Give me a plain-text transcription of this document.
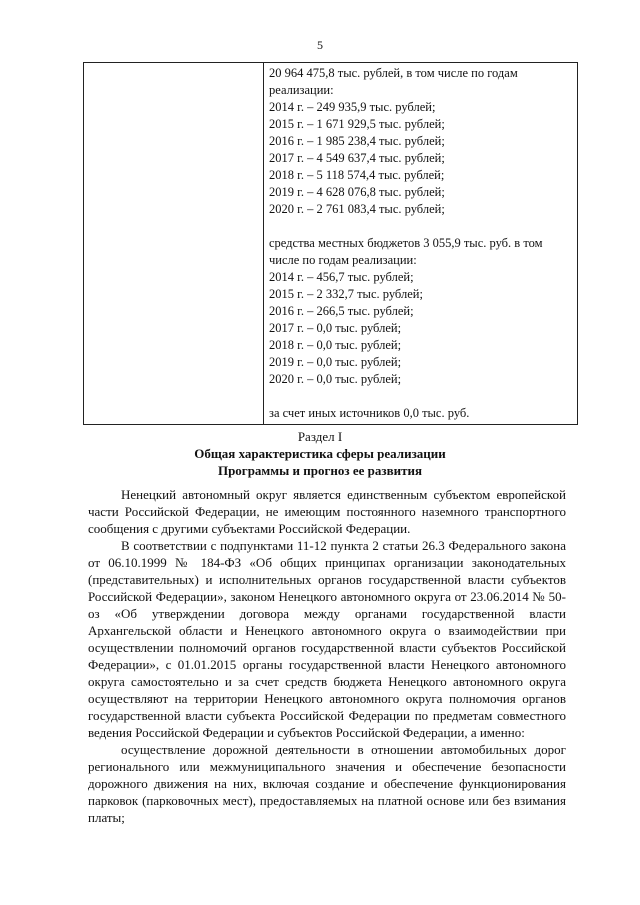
5

20 964 475,8 тыс. рублей, в том числе по годам
реализации:
2014 г. – 249 935,9 тыс. рублей;
2015 г. – 1 671 929,5 тыс. рублей;
2016 г. – 1 985 238,4 тыс. рублей;
2017 г. – 4 549 637,4 тыс. рублей;
2018 г. – 5 118 574,4 тыс. рублей;
2019 г. – 4 628 076,8 тыс. рублей;
2020 г. – 2 761 083,4 тыс. рублей;
средства местных бюджетов 3 055,9 тыс. руб. в том
числе по годам реализации:
2014 г. – 456,7 тыс. рублей;
2015 г. – 2 332,7 тыс. рублей;
2016 г. – 266,5 тыс. рублей;
2017 г. – 0,0 тыс. рублей;
2018 г. – 0,0 тыс. рублей;
2019 г. – 0,0 тыс. рублей;
2020 г. – 0,0 тыс. рублей;
за счет иных источников 0,0 тыс. руб.
Раздел I
Общая характеристика сферы реализации
Программы и прогноз ее развития

Ненецкий автономный округ является единственным субъектом европейской части Российской Федерации, не имеющим постоянного наземного транспортного сообщения с другими субъектами Российской Федерации.

В соответствии с подпунктами 11-12 пункта 2 статьи 26.3 Федерального закона от 06.10.1999 № 184-ФЗ «Об общих принципах организации законодательных (представительных) и исполнительных органов государственной власти субъектов Российской Федерации», законом Ненецкого автономного округа от 23.06.2014 № 50-оз «Об утверждении договора между органами государственной власти Архангельской области и Ненецкого автономного округа о взаимодействии при осуществлении полномочий органов государственной власти субъектов Российской Федерации», с 01.01.2015 органы государственной власти Ненецкого автономного округа самостоятельно и за счет средств бюджета Ненецкого автономного округа осуществляют на территории Ненецкого автономного округа полномочия органов государственной власти субъекта Российской Федерации по предметам совместного ведения Российской Федерации и субъектов Российской Федерации, а именно:

осуществление дорожной деятельности в отношении автомобильных дорог регионального или межмуниципального значения и обеспечение безопасности дорожного движения на них, включая создание и обеспечение функционирования парковок (парковочных мест), предоставляемых на платной основе или без взимания платы;
